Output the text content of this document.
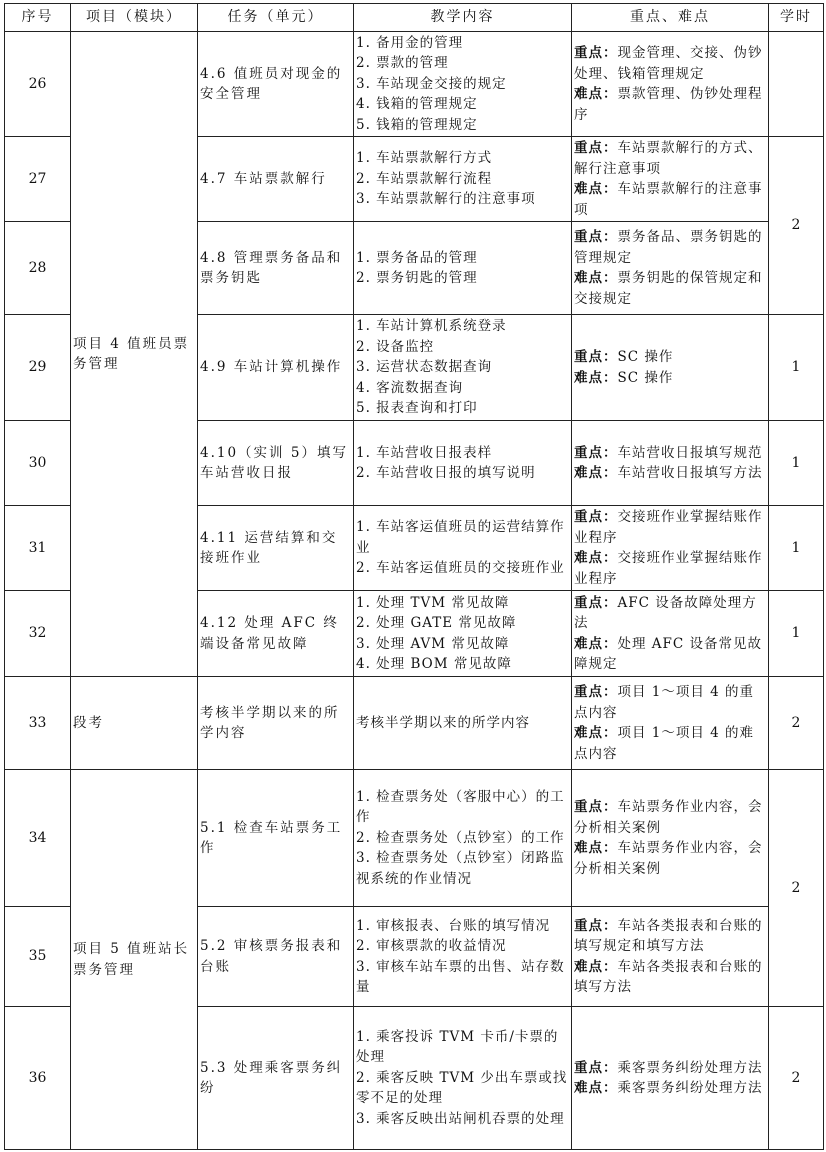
序号	项目（模块）	任务（单元）	教学内容	重点、难点	学时
26	项目 4 值班员票务管理	4.6 值班员对现金的安全管理	1. 备用金的管理
2. 票款的管理
3. 车站现金交接的规定
4. 钱箱的管理规定
5. 钱箱的管理规定	重点：现金管理、交接、伪钞处理、钱箱管理规定
难点：票款管理、伪钞处理程序	
27		4.7 车站票款解行	1. 车站票款解行方式
2. 车站票款解行流程
3. 车站票款解行的注意事项	重点：车站票款解行的方式、解行注意事项
难点：车站票款解行的注意事项	2
28		4.8 管理票务备品和票务钥匙	1. 票务备品的管理
2. 票务钥匙的管理	重点：票务备品、票务钥匙的管理规定
难点：票务钥匙的保管规定和交接规定	
29		4.9 车站计算机操作	1. 车站计算机系统登录
2. 设备监控
3. 运营状态数据查询
4. 客流数据查询
5. 报表查询和打印	重点：SC 操作
难点：SC 操作	1
30		4.10（实训 5）填写车站营收日报	1. 车站营收日报表样
2. 车站营收日报的填写说明	重点：车站营收日报填写规范
难点：车站营收日报填写方法	1
31		4.11 运营结算和交接班作业	1. 车站客运值班员的运营结算作业
2. 车站客运值班员的交接班作业	重点：交接班作业掌握结账作业程序
难点：交接班作业掌握结账作业程序	1
32		4.12 处理 AFC 终端设备常见故障	1. 处理 TVM 常见故障
2. 处理 GATE 常见故障
3. 处理 AVM 常见故障
4. 处理 BOM 常见故障	重点：AFC 设备故障处理方法
难点：处理 AFC 设备常见故障规定	1
33	段考	考核半学期以来的所学内容	考核半学期以来的所学内容	重点：项目 1～项目 4 的重点内容
难点：项目 1～项目 4 的难点内容	2
34	项目 5 值班站长票务管理	5.1 检查车站票务工作	1. 检查票务处（客服中心）的工作
2. 检查票务处（点钞室）的工作
3. 检查票务处（点钞室）闭路监视系统的作业情况	重点：车站票务作业内容，会分析相关案例
难点：车站票务作业内容，会分析相关案例	2
35		5.2 审核票务报表和台账	1. 审核报表、台账的填写情况
2. 审核票款的收益情况
3. 审核车站车票的出售、站存数量	重点：车站各类报表和台账的填写规定和填写方法
难点：车站各类报表和台账的填写方法	
36		5.3 处理乘客票务纠纷	1. 乘客投诉 TVM 卡币/卡票的处理
2. 乘客反映 TVM 少出车票或找零不足的处理
3. 乘客反映出站闸机吞票的处理	重点：乘客票务纠纷处理方法
难点：乘客票务纠纷处理方法	2
